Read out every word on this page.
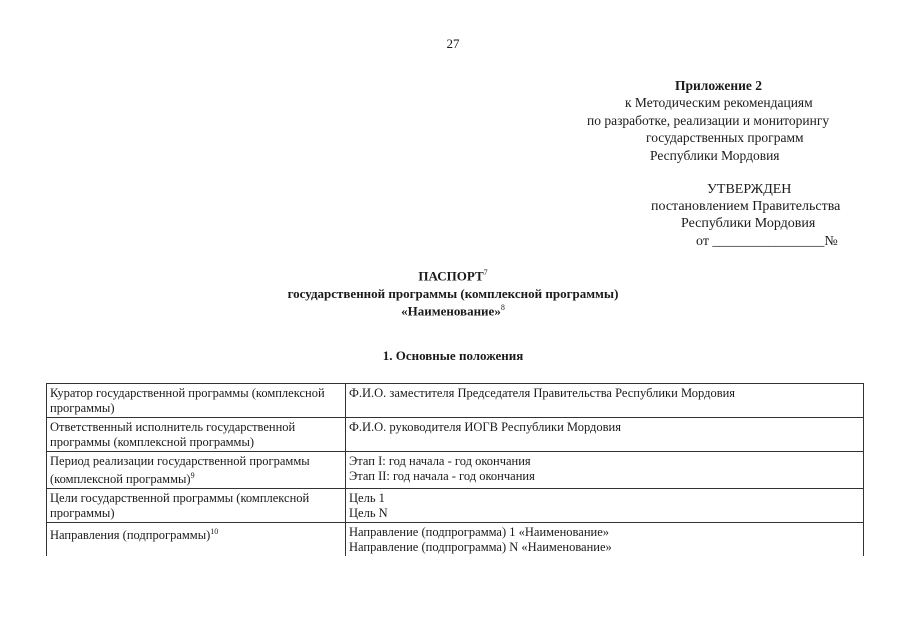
27
Приложение 2
к Методическим рекомендациям
по разработке, реализации и мониторингу
государственных программ
Республики Мордовия
УТВЕРЖДЕН
постановлением Правительства
Республики Мордовия
от ________________№
ПАСПОРТ$^7$
государственной программы (комплексной программы)
«Наименование»$^8$
1. Основные положения
Куратор государственной программы (комплексной программы)	Ф.И.О. заместителя Председателя Правительства Республики Мордовия

Ответственный исполнитель государственной программы (комплексной программы)	Ф.И.О. руководителя ИОГВ Республики Мордовия

Период реализации государственной программы (комплексной программы)$^9$	Этап I: год начала - год окончания
Этап II: год начала - год окончания

Цели государственной программы (комплексной программы)	Цель 1
Цель N

Направления (подпрограммы)$^{10}$	Направление (подпрограмма) 1 «Наименование»
Направление (подпрограмма) N «Наименование»
